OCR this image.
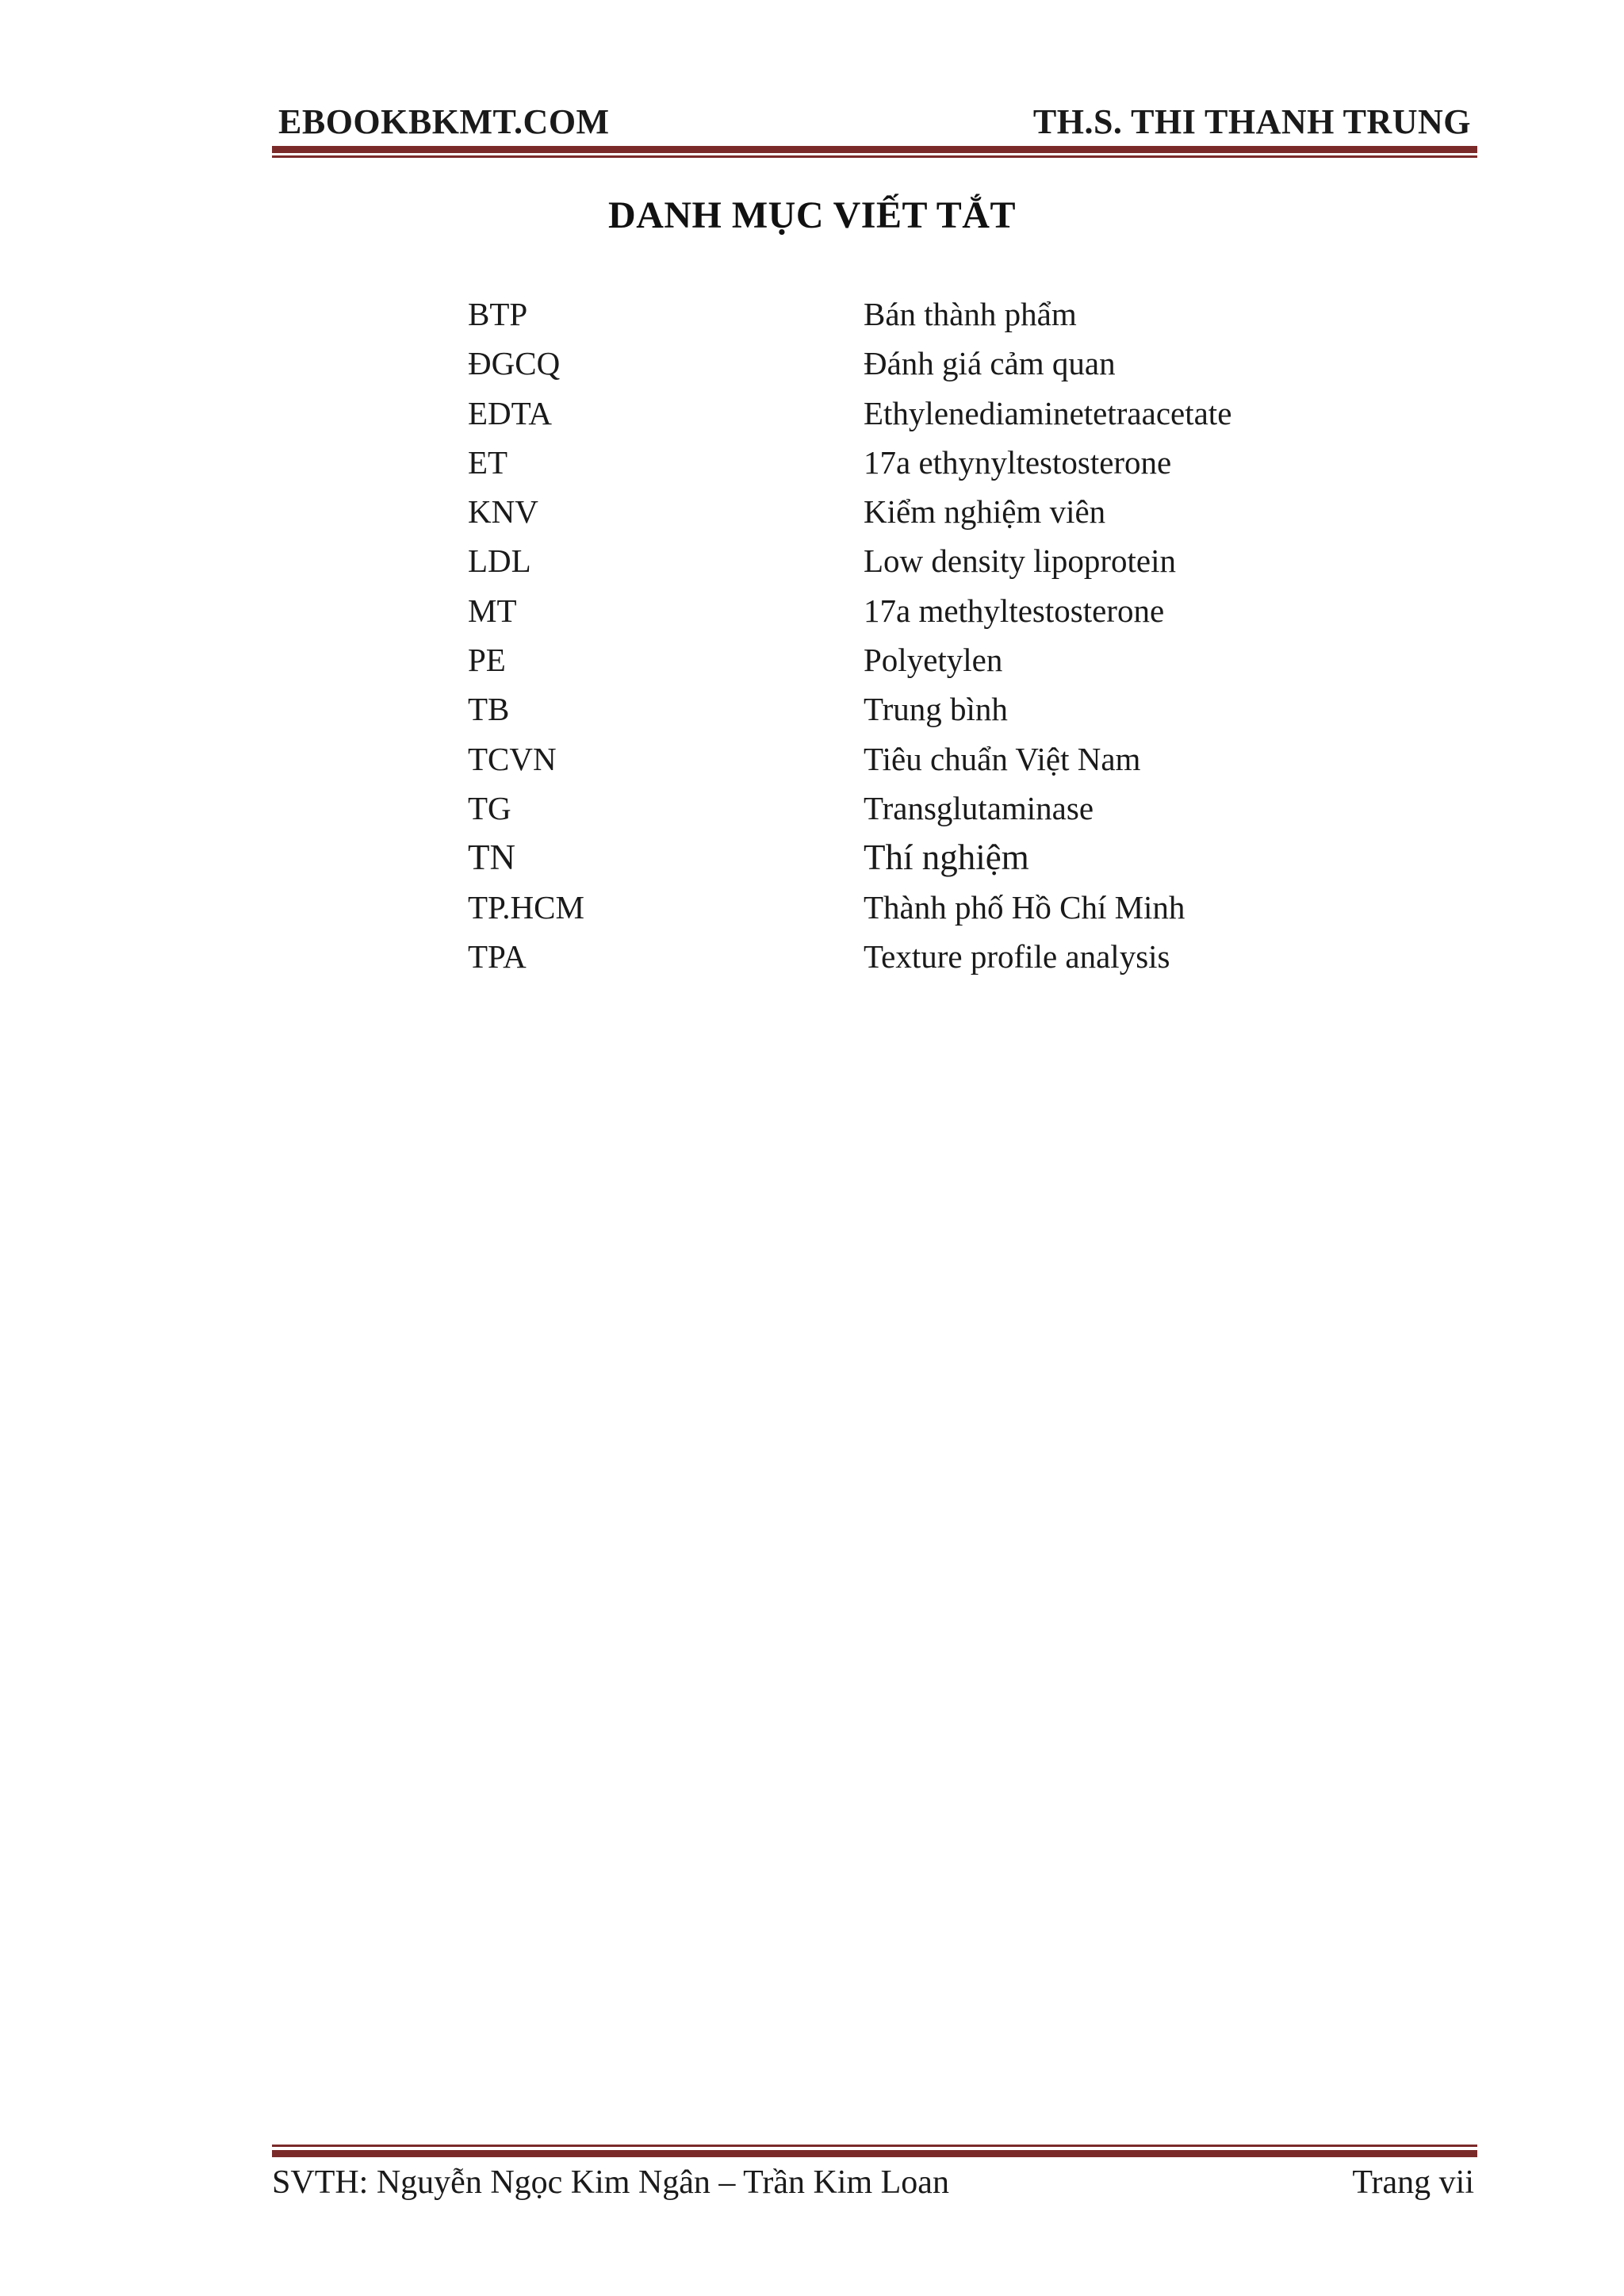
EBOOKBKMT.COM	TH.S. THI THANH TRUNG
DANH MỤC VIẾT TẮT
BTP	Bán thành phẩm
ĐGCQ	Đánh giá cảm quan
EDTA	Ethylenediaminetetraacetate
ET	17a ethynyltestosterone
KNV	Kiểm nghiệm viên
LDL	Low density lipoprotein
MT	17a methyltestosterone
PE	Polyetylen
TB	Trung bình
TCVN	Tiêu chuẩn Việt Nam
TG	Transglutaminase
TN	Thí nghiệm
TP.HCM	Thành phố Hồ Chí Minh
TPA	Texture profile analysis
SVTH: Nguyễn Ngọc Kim Ngân – Trần Kim Loan	Trang vii
